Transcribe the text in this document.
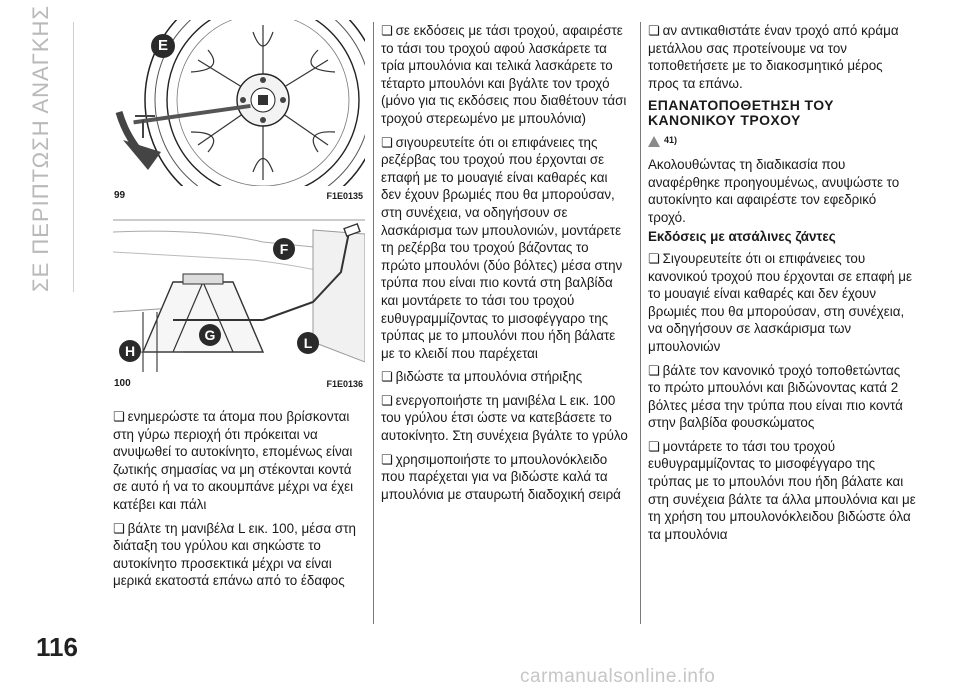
ΣΕ ΠΕΡΙΠΤΩΣΗ ΑΝΑΓΚΗΣ	E
99	F1E0135
F
G
H	L
100	F1E0136

❏ ενημερώστε τα άτομα που βρίσκονται στη γύρω περιοχή ότι πρόκειται να ανυψωθεί το αυτοκίνητο, επομένως είναι ζωτικής σημασίας να μη στέκονται κοντά σε αυτό ή να το ακουμπάνε μέχρι να έχει κατέβει και πάλι

❏ βάλτε τη μανιβέλα L εικ. 100, μέσα στη διάταξη του γρύλου και σηκώστε το αυτοκίνητο προσεκτικά μέχρι να είναι μερικά εκατοστά επάνω από το έδαφος

❏ σε εκδόσεις με τάσι τροχού, αφαιρέστε το τάσι του τροχού αφού λασκάρετε τα τρία μπουλόνια και τελικά λασκάρετε το τέταρτο μπουλόνι και βγάλτε τον τροχό (μόνο για τις εκδόσεις που διαθέτουν τάσι τροχού στερεωμένο με μπουλόνια)

❏ σιγουρευτείτε ότι οι επιφάνειες της ρεζέρβας του τροχού που έρχονται σε επαφή με το μουαγιέ είναι καθαρές και δεν έχουν βρωμιές που θα μπορούσαν, στη συνέχεια, να οδηγήσουν σε λασκάρισμα των μπουλονιών, μοντάρετε τη ρεζέρβα του τροχού βάζοντας το πρώτο μπουλόνι (δύο βόλτες) μέσα στην τρύπα που είναι πιο κοντά στη βαλβίδα και μοντάρετε το τάσι του τροχού ευθυγραμμίζοντας το μισοφέγγαρο της τρύπας με το μπουλόνι που ήδη βάλατε με το κλειδί που παρέχεται

❏ βιδώστε τα μπουλόνια στήριξης

❏ ενεργοποιήστε τη μανιβέλα L εικ. 100 του γρύλου έτσι ώστε να κατεβάσετε το αυτοκίνητο. Στη συνέχεια βγάλτε το γρύλο

❏ χρησιμοποιήστε το μπουλονόκλειδο που παρέχεται για να βιδώστε καλά τα μπουλόνια με σταυρωτή διαδοχική σειρά

❏ αν αντικαθιστάτε έναν τροχό από κράμα μετάλλου σας προτείνουμε να τον τοποθετήσετε με το διακοσμητικό μέρος προς τα επάνω.

ΕΠΑΝΑΤΟΠΟΘΕΤΗΣΗ ΤΟΥ ΚΑΝΟΝΙΚΟΥ ΤΡΟΧΟΥ
41)

Ακολουθώντας τη διαδικασία που αναφέρθηκε προηγουμένως, ανυψώστε το αυτοκίνητο και αφαιρέστε τον εφεδρικό τροχό.

Εκδόσεις με ατσάλινες ζάντες

❏ Σιγουρευτείτε ότι οι επιφάνειες του κανονικού τροχού που έρχονται σε επαφή με το μουαγιέ είναι καθαρές και δεν έχουν βρωμιές που θα μπορούσαν, στη συνέχεια, να οδηγήσουν σε λασκάρισμα των μπουλονιών

❏ βάλτε τον κανονικό τροχό τοποθετώντας το πρώτο μπουλόνι και βιδώνοντας κατά 2 βόλτες μέσα την τρύπα που είναι πιο κοντά στην βαλβίδα φουσκώματος

❏ μοντάρετε το τάσι του τροχού ευθυγραμμίζοντας το μισοφέγγαρο της τρύπας με το μπουλόνι που ήδη βάλατε και στη συνέχεια βάλτε τα άλλα μπουλόνια και με τη χρήση του μπουλονόκλειδου βιδώστε όλα τα μπουλόνια

116
carmanualsonline.info
